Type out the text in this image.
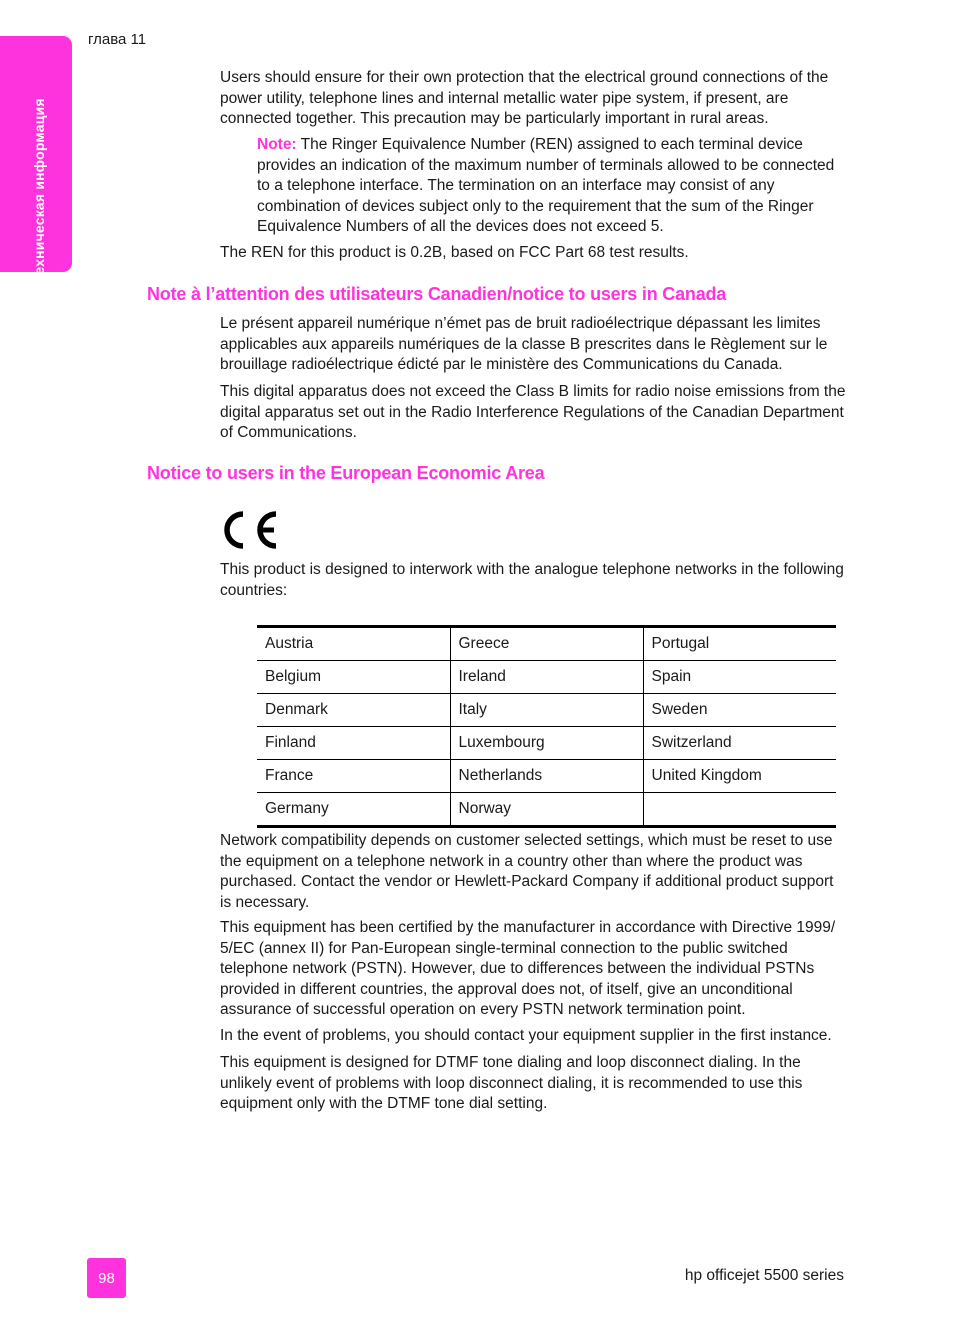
техническая информация
глава 11

Users should ensure for their own protection that the electrical ground connections of the power utility, telephone lines and internal metallic water pipe system, if present, are connected together. This precaution may be particularly important in rural areas.

Note: The Ringer Equivalence Number (REN) assigned to each terminal device provides an indication of the maximum number of terminals allowed to be connected to a telephone interface. The termination on an interface may consist of any combination of devices subject only to the requirement that the sum of the Ringer Equivalence Numbers of all the devices does not exceed 5.

The REN for this product is 0.2B, based on FCC Part 68 test results.

Note à l’attention des utilisateurs Canadien/notice to users in Canada

Le présent appareil numérique n’émet pas de bruit radioélectrique dépassant les limites applicables aux appareils numériques de la classe B prescrites dans le Règlement sur le brouillage radioélectrique édicté par le ministère des Communications du Canada.

This digital apparatus does not exceed the Class B limits for radio noise emissions from the digital apparatus set out in the Radio Interference Regulations of the Canadian Department of Communications.

Notice to users in the European Economic Area

This product is designed to interwork with the analogue telephone networks in the following countries:

Austria	Greece	Portugal
Belgium	Ireland	Spain
Denmark	Italy	Sweden
Finland	Luxembourg	Switzerland
France	Netherlands	United Kingdom
Germany	Norway	

Network compatibility depends on customer selected settings, which must be reset to use the equipment on a telephone network in a country other than where the product was purchased. Contact the vendor or Hewlett-Packard Company if additional product support is necessary.

This equipment has been certified by the manufacturer in accordance with Directive 1999/ 5/EC (annex II) for Pan-European single-terminal connection to the public switched telephone network (PSTN). However, due to differences between the individual PSTNs provided in different countries, the approval does not, of itself, give an unconditional assurance of successful operation on every PSTN network termination point.

In the event of problems, you should contact your equipment supplier in the first instance.

This equipment is designed for DTMF tone dialing and loop disconnect dialing. In the unlikely event of problems with loop disconnect dialing, it is recommended to use this equipment only with the DTMF tone dial setting.

98	hp officejet 5500 series
